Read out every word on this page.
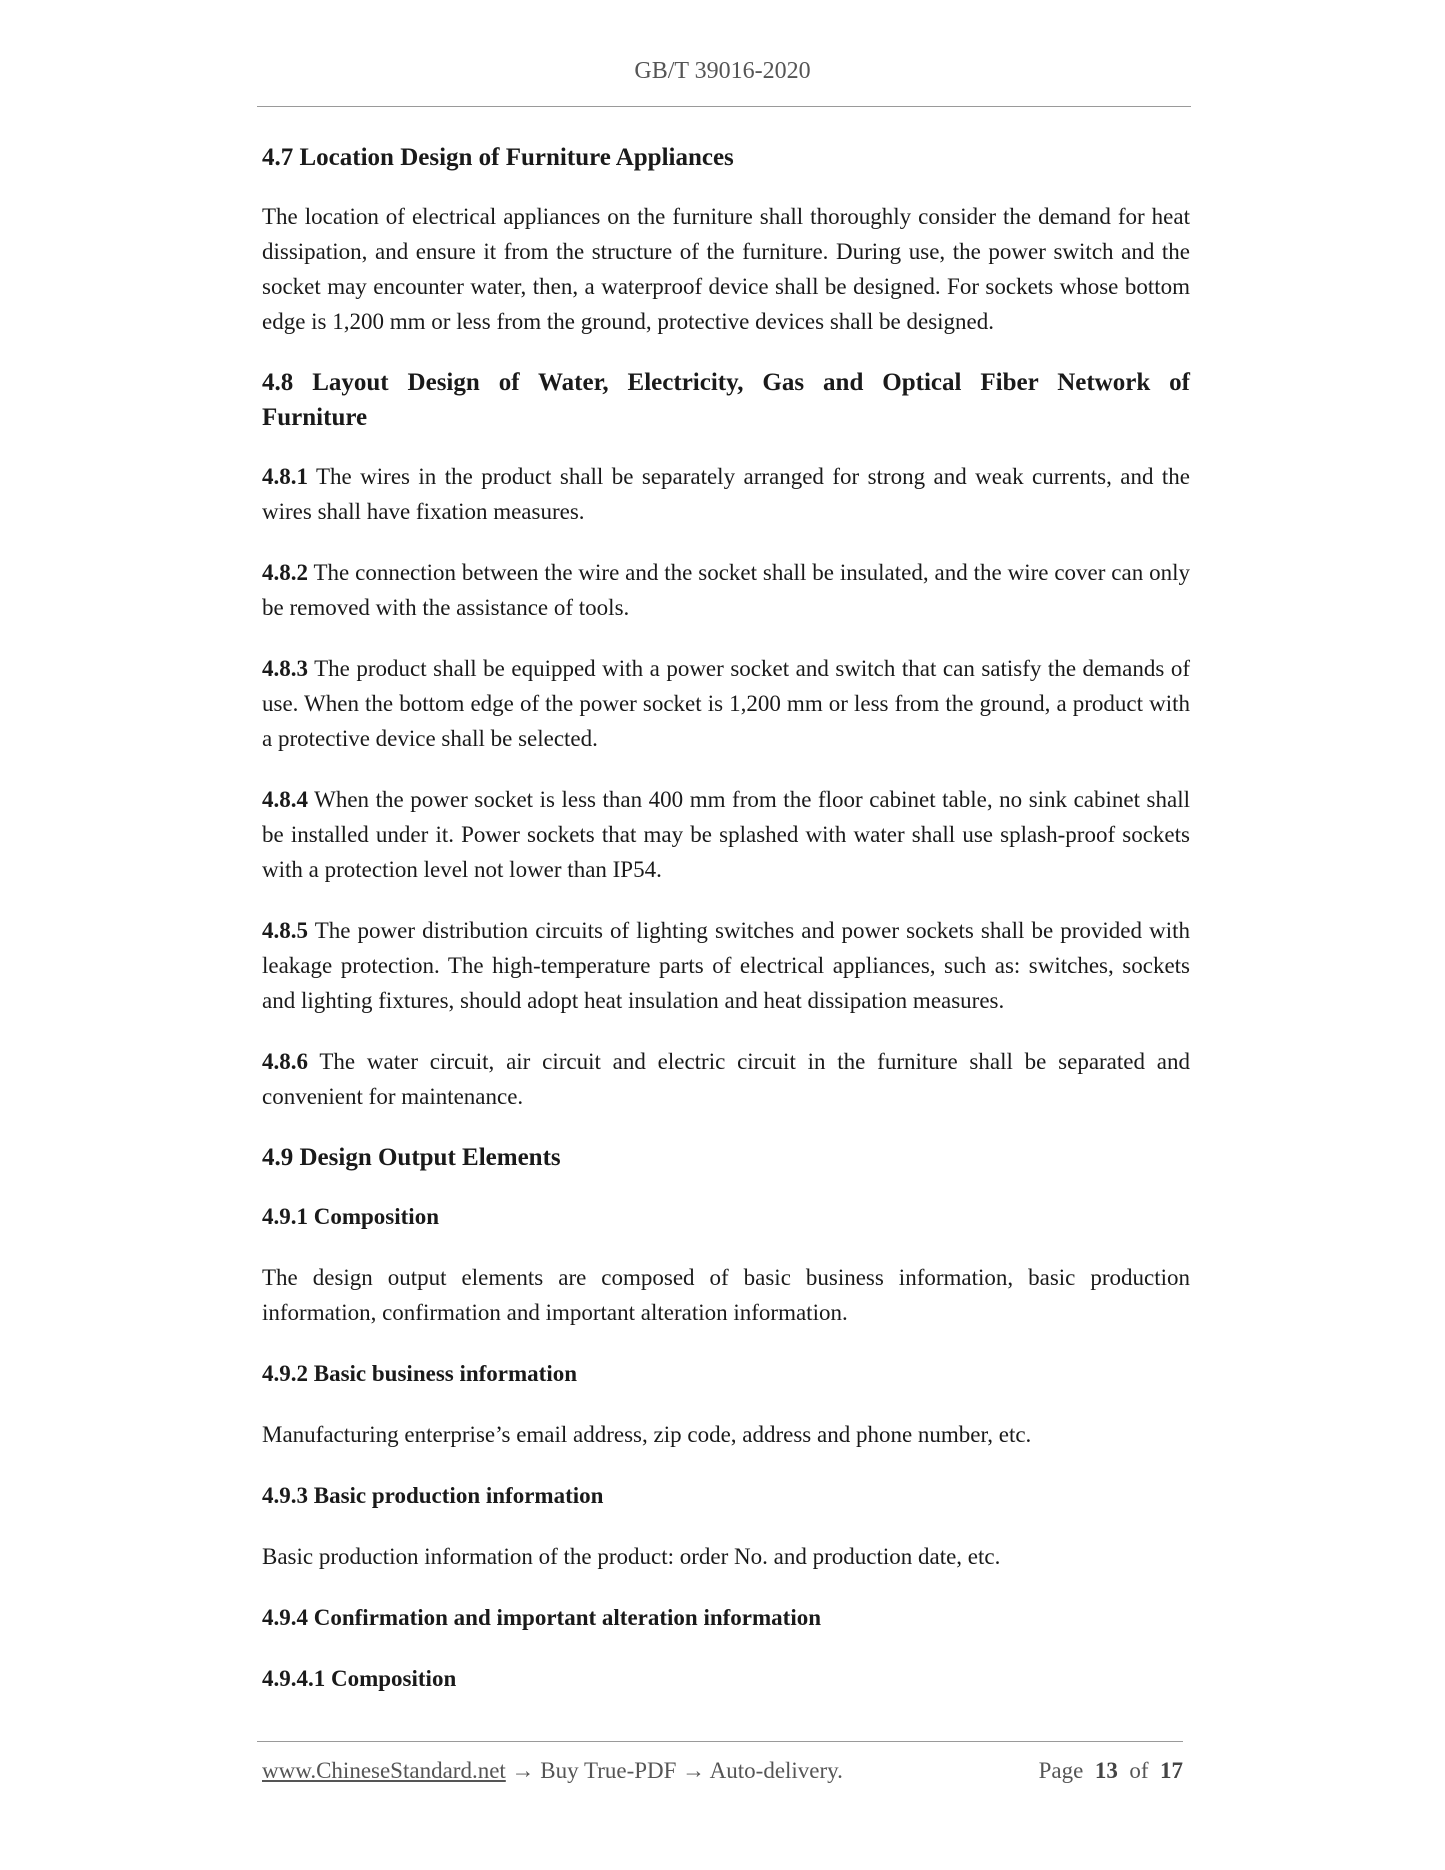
GB/T 39016-2020
4.7 Location Design of Furniture Appliances
The location of electrical appliances on the furniture shall thoroughly consider the demand for heat dissipation, and ensure it from the structure of the furniture. During use, the power switch and the socket may encounter water, then, a waterproof device shall be designed. For sockets whose bottom edge is 1,200 mm or less from the ground, protective devices shall be designed.
4.8 Layout Design of Water, Electricity, Gas and Optical Fiber Network of Furniture
4.8.1 The wires in the product shall be separately arranged for strong and weak currents, and the wires shall have fixation measures.
4.8.2 The connection between the wire and the socket shall be insulated, and the wire cover can only be removed with the assistance of tools.
4.8.3 The product shall be equipped with a power socket and switch that can satisfy the demands of use. When the bottom edge of the power socket is 1,200 mm or less from the ground, a product with a protective device shall be selected.
4.8.4 When the power socket is less than 400 mm from the floor cabinet table, no sink cabinet shall be installed under it. Power sockets that may be splashed with water shall use splash-proof sockets with a protection level not lower than IP54.
4.8.5 The power distribution circuits of lighting switches and power sockets shall be provided with leakage protection. The high-temperature parts of electrical appliances, such as: switches, sockets and lighting fixtures, should adopt heat insulation and heat dissipation measures.
4.8.6 The water circuit, air circuit and electric circuit in the furniture shall be separated and convenient for maintenance.
4.9 Design Output Elements
4.9.1 Composition
The design output elements are composed of basic business information, basic production information, confirmation and important alteration information.
4.9.2 Basic business information
Manufacturing enterprise’s email address, zip code, address and phone number, etc.
4.9.3 Basic production information
Basic production information of the product: order No. and production date, etc.
4.9.4 Confirmation and important alteration information
4.9.4.1 Composition
www.ChineseStandard.net → Buy True-PDF → Auto-delivery.	Page 13 of 17
